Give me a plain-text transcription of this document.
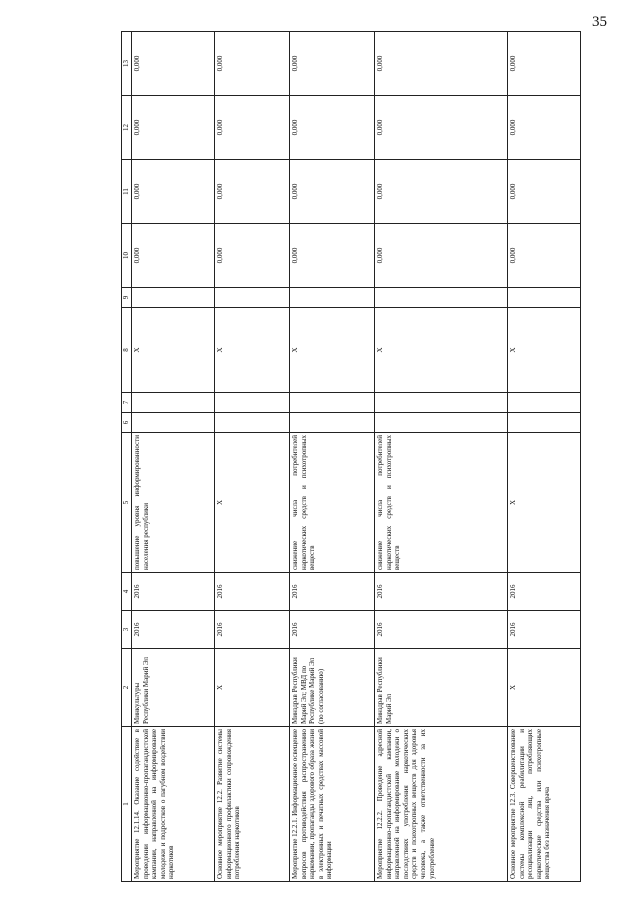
35
1	2	3	4	5	6	7	8	9	10	11	12	13
Мероприятие 12.1.14. Оказание содействие в проведении информационно-пропагандистской кампании, направленной на информирование молодежи и подростков о пагубном воздействии наркотиков	Минкультуры Республики Марий Эл	2016	2016	повышение уровня информированности населения республики			X		0,000	0,000	0,000	0,000
Основное мероприятие 12.2. Развитие системы информационного профилактики сопровождения потребления наркотиков	X	2016	2016	X			X		0,000	0,000	0,000	0,000
Мероприятие 12.2.1. Информационное освещение вопросов противодействия распространению наркомании, пропаганды здорового образа жизни в электронных и печатных средствах массовой информации	Минздрав Республики Марий Эл; МВД по Республике Марий Эл (по согласованию)	2016	2016	снижение числа потребителей наркотических средств и психотропных веществ			X		0,000	0,000	0,000	0,000
Мероприятие 12.2.2. Проведение адресной информационно-пропагандистской кампании, направленной на информирование молодежи о последствиях употребления наркотических средств и психотропных веществ для здоровья человека, а также ответственности за их употребление	Минздрав Республики Марий Эл	2016	2016	снижение числа потребителей наркотических средств и психотропных веществ			X		0,000	0,000	0,000	0,000
Основное мероприятие 12.3. Совершенствование системы комплексной реабилитации и ресоциализации лиц, потребляющих наркотические средства или психотропные вещества без назначения врача	X	2016	2016	X			X		0,000	0,000	0,000	0,000
